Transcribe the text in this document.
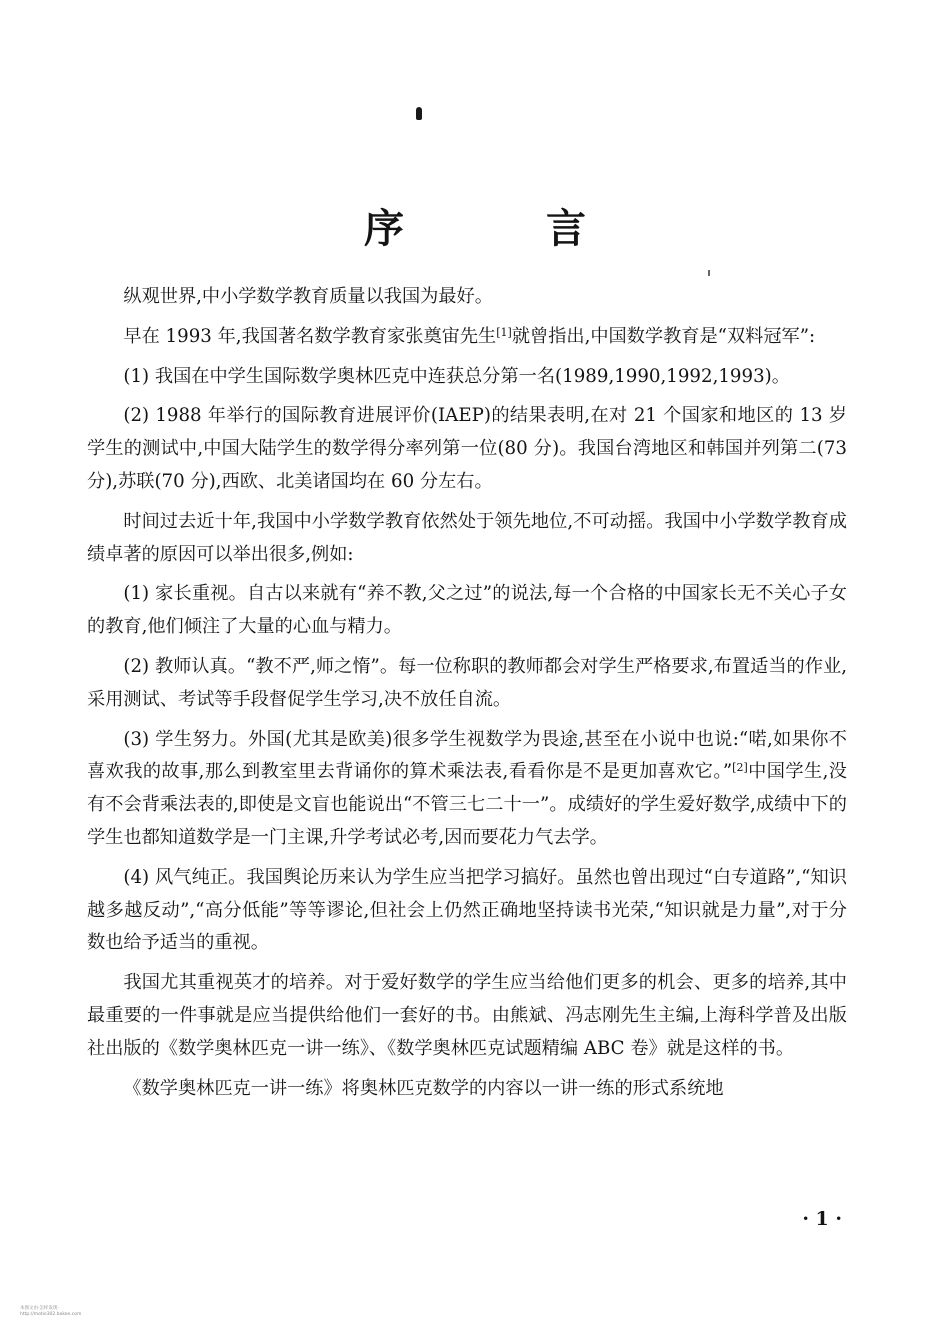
序 言

纵观世界,中小学数学教育质量以我国为最好。

早在 1993 年,我国著名数学教育家张奠宙先生[1]就曾指出,中国数学教育是“双料冠军”:

(1) 我国在中学生国际数学奥林匹克中连获总分第一名(1989,1990,1992,1993)。

(2) 1988 年举行的国际教育进展评价(IAEP)的结果表明,在对 21 个国家和地区的 13 岁学生的测试中,中国大陆学生的数学得分率列第一位(80 分)。我国台湾地区和韩国并列第二(73 分),苏联(70 分),西欧、北美诸国均在 60 分左右。

时间过去近十年,我国中小学数学教育依然处于领先地位,不可动摇。我国中小学数学教育成绩卓著的原因可以举出很多,例如:

(1) 家长重视。自古以来就有“养不教,父之过”的说法,每一个合格的中国家长无不关心子女的教育,他们倾注了大量的心血与精力。

(2) 教师认真。“教不严,师之惰”。每一位称职的教师都会对学生严格要求,布置适当的作业,采用测试、考试等手段督促学生学习,决不放任自流。

(3) 学生努力。外国(尤其是欧美)很多学生视数学为畏途,甚至在小说中也说:“喏,如果你不喜欢我的故事,那么到教室里去背诵你的算术乘法表,看看你是不是更加喜欢它。”[2]中国学生,没有不会背乘法表的,即使是文盲也能说出“不管三七二十一”。成绩好的学生爱好数学,成绩中下的学生也都知道数学是一门主课,升学考试必考,因而要花力气去学。

(4) 风气纯正。我国舆论历来认为学生应当把学习搞好。虽然也曾出现过“白专道路”,“知识越多越反动”,“高分低能”等等谬论,但社会上仍然正确地坚持读书光荣,“知识就是力量”,对于分数也给予适当的重视。

我国尤其重视英才的培养。对于爱好数学的学生应当给他们更多的机会、更多的培养,其中最重要的一件事就是应当提供给他们一套好的书。由熊斌、冯志刚先生主编,上海科学普及出版社出版的《数学奥林匹克一讲一练》、《数学奥林匹克试题精编 ABC 卷》就是这样的书。

《数学奥林匹克一讲一练》将奥林匹克数学的内容以一讲一练的形式系统地

· 1 ·
本图文由·怎样发现·
http://motio302.bokee.com
